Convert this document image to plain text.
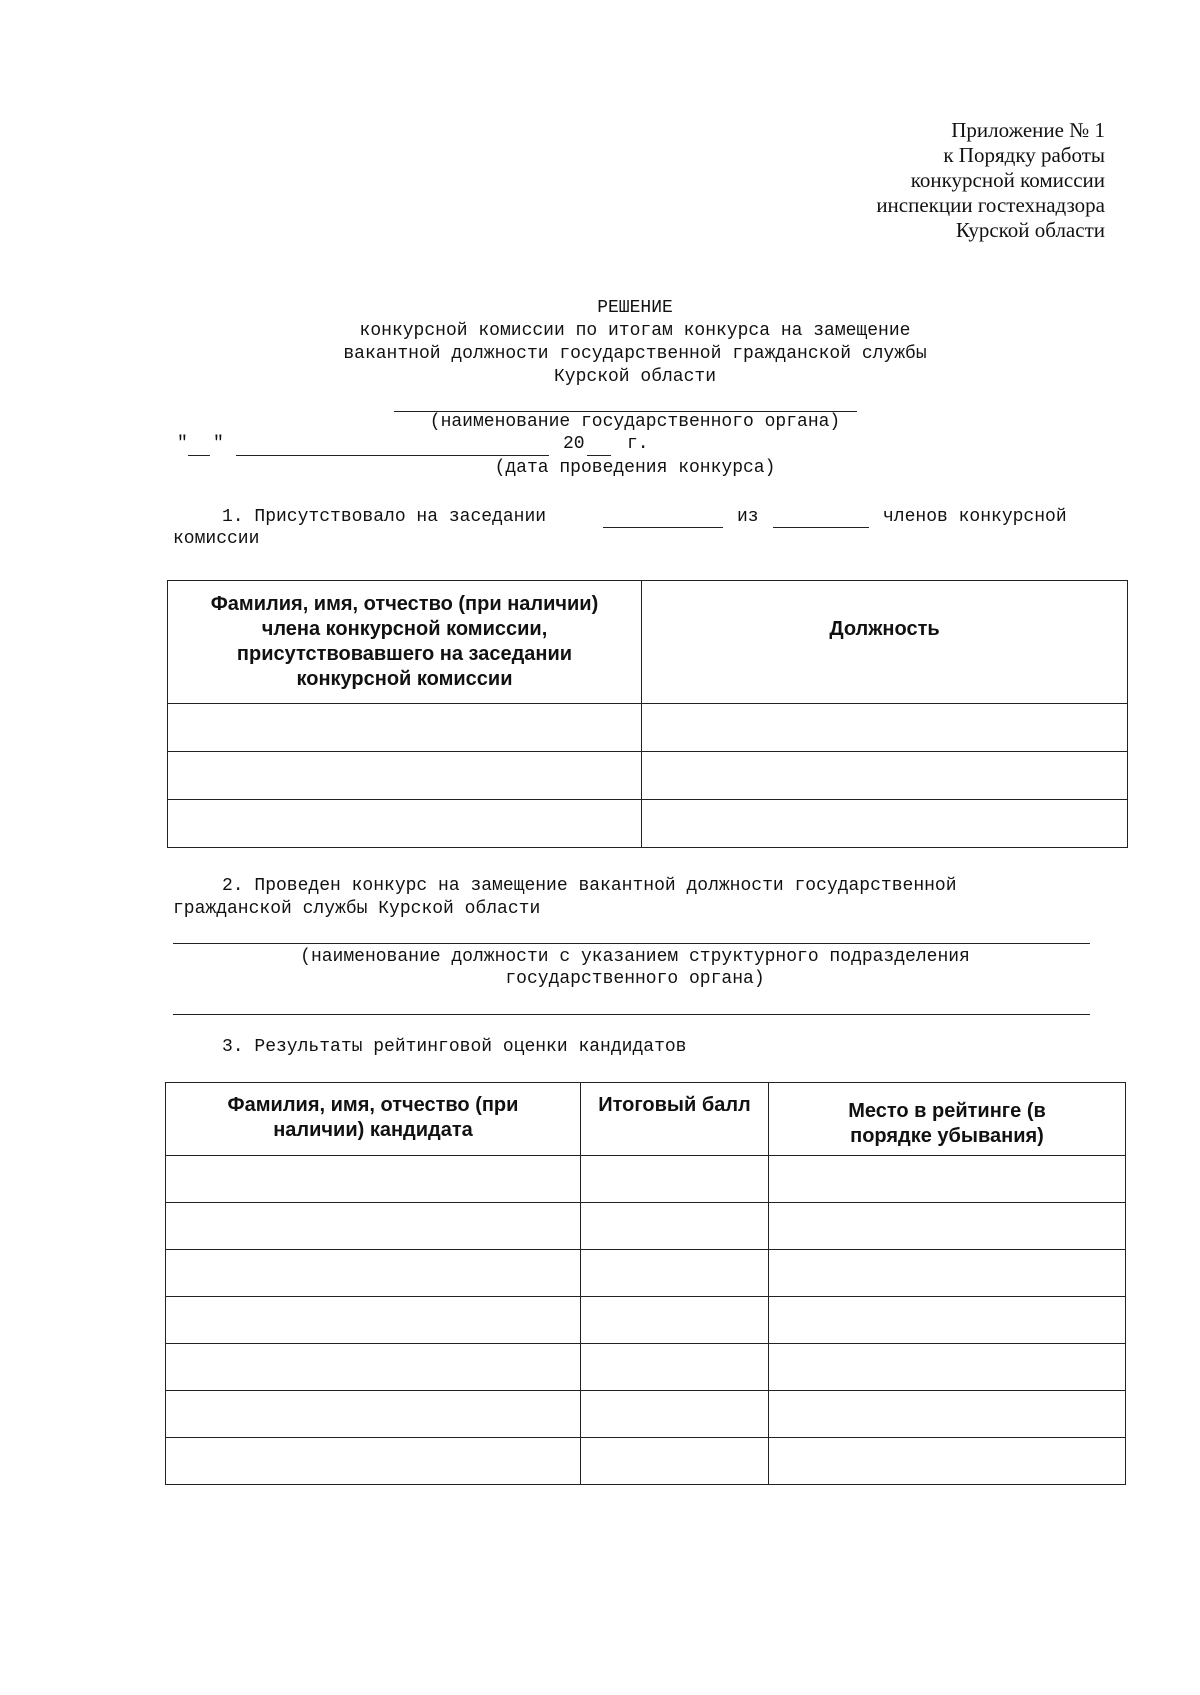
Приложение № 1
к Порядку работы
конкурсной комиссии
инспекции гостехнадзора
Курской области
РЕШЕНИЕ
конкурсной комиссии по итогам конкурса на замещение
вакантной должности государственной гражданской службы
Курской области
(наименование государственного органа)
" "	20 г.
(дата проведения конкурса)
1. Присутствовало на заседании	из	членов конкурсной
комиссии
Фамилия, имя, отчество (при наличии) члена конкурсной комиссии, присутствовавшего на заседании конкурсной комиссии	Должность

2. Проведен конкурс на замещение вакантной должности государственной
гражданской службы Курской области
(наименование должности с указанием структурного подразделения
государственного органа)
3. Результаты рейтинговой оценки кандидатов
Фамилия, имя, отчество (при наличии) кандидата	Итоговый балл	Место в рейтинге (в порядке убывания)
